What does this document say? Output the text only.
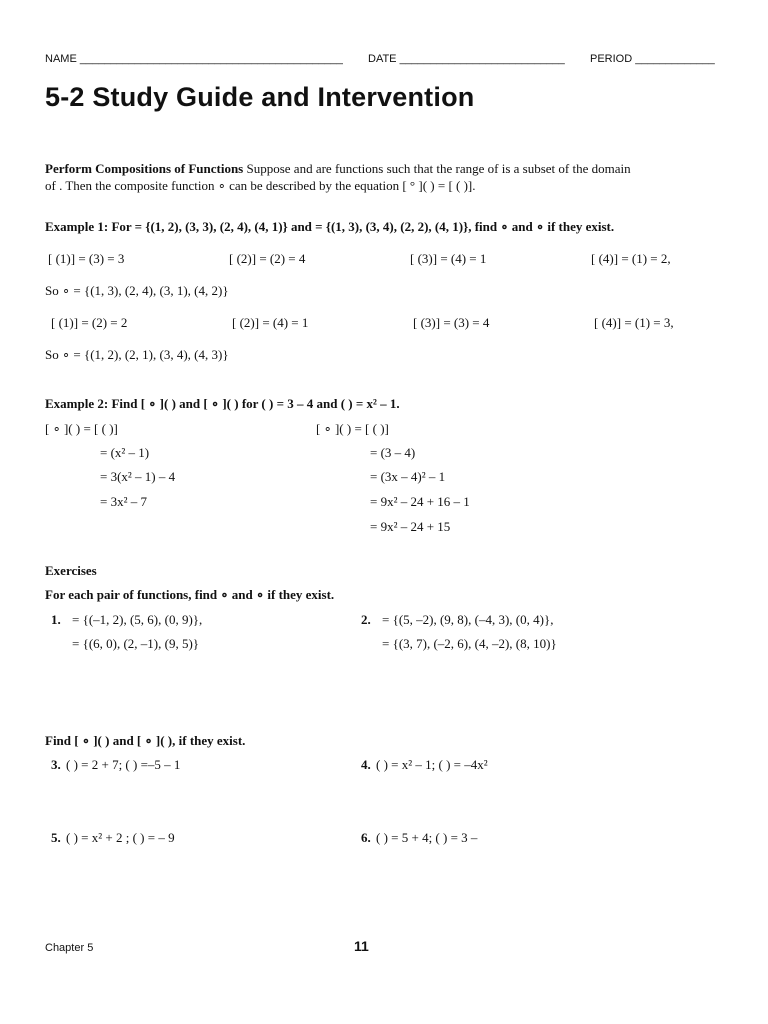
NAME ___________________________________________ DATE ___________________________ PERIOD _____________
5-2 Study Guide and Intervention
Perform Compositions of Functions Suppose and are functions such that the range of is a subset of the domain
of . Then the composite function ∘ can be described by the equation [ ° ]( ) = [ ( )].
Example 1: For = {(1, 2), (3, 3), (2, 4), (4, 1)} and = {(1, 3), (3, 4), (2, 2), (4, 1)}, find ∘ and ∘ if they exist.
[ (1)] = (3) = 3	[ (2)] = (2) = 4	[ (3)] = (4) = 1	[ (4)] = (1) = 2,
So ∘ = {(1, 3), (2, 4), (3, 1), (4, 2)}
[ (1)] = (2) = 2	[ (2)] = (4) = 1	[ (3)] = (3) = 4	[ (4)] = (1) = 3,
So ∘ = {(1, 2), (2, 1), (3, 4), (4, 3)}
Example 2: Find [ ∘ ]( ) and [ ∘ ]( ) for ( ) = 3 – 4 and ( ) = x² – 1.
[ ∘ ]( ) = [ ( )]
= (x² – 1)
= 3(x² – 1) – 4
= 3x² – 7
[ ∘ ]( ) = [ ( )]
= (3 – 4)
= (3x – 4)² – 1
= 9x² – 24 + 16 – 1
= 9x² – 24 + 15
Exercises
For each pair of functions, find ∘ and ∘ if they exist.
1. = {(–1, 2), (5, 6), (0, 9)},
= {(6, 0), (2, –1), (9, 5)}
2. = {(5, –2), (9, 8), (–4, 3), (0, 4)},
= {(3, 7), (–2, 6), (4, –2), (8, 10)}
Find [ ∘ ]( ) and [ ∘ ]( ), if they exist.
3. ( ) = 2 + 7; ( ) =–5 – 1	4. ( ) = x² – 1; ( ) = –4x²
5. ( ) = x² + 2 ; ( ) = – 9	6. ( ) = 5 + 4; ( ) = 3 –
Chapter 5	11
